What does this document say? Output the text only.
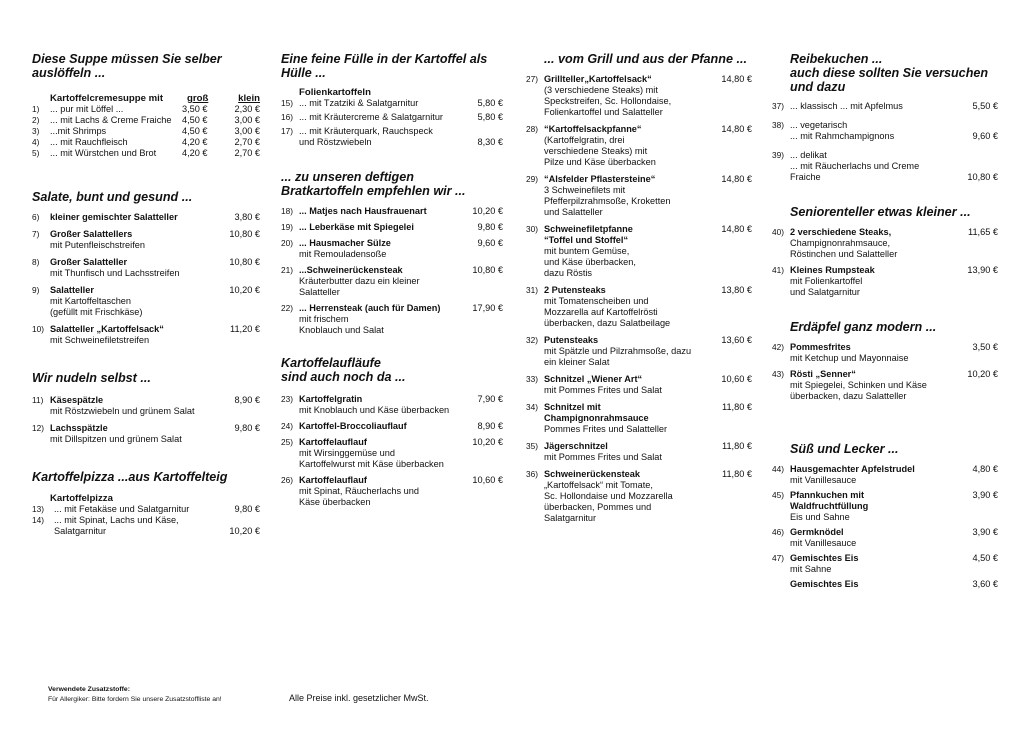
Diese Suppe müssen Sie selber
auslöffeln ...
Kartoffelcremesuppe mit groß	klein
1)	... pur mit Löffel ...	3,50 €	2,30 €
2)	... mit Lachs & Creme Fraiche	4,50 €	3,00 €
3)	...mit Shrimps	4,50 €	3,00 €
4)	... mit Rauchfleisch	4,20 €	2,70 €
5)	... mit Würstchen und Brot	4,20 €	2,70 €
Salate, bunt und gesund ...
6) kleiner gemischter Salatteller	3,80 €
7) Großer Salattellers
mit Putenfleischstreifen
10,80 €
8) Großer Salatteller
mit Thunfisch und Lachsstreifen
10,80 €
9) Salatteller
mit Kartoffeltaschen
(gefüllt mit Frischkäse)
10,20 €
10) Salatteller „Kartoffelsack“
mit Schweinefiletstreifen
11,20 €
Wir nudeln selbst ...
11) Käsespätzle
mit Röstzwiebeln und grünem Salat
8,90 €
12) Lachsspätzle
mit Dillspitzen und grünem Salat
9,80 €
Kartoffelpizza ...aus Kartoffelteig
Kartoffelpizza
13)	... mit Fetakäse und Salatgarnitur	9,80 €
14)	... mit Spinat, Lachs und Käse,
Salatgarnitur	10,20 €
Eine feine Fülle in der Kartoffel als
Hülle ...
Folienkartoffeln
15) ... mit Tzatziki & Salatgarnitur	5,80 €
16) ... mit Kräutercreme & Salatgarnitur	5,80 €
17) ... mit Kräuterquark, Rauchspeck
und Röstzwiebeln	8,30 €
... zu unseren deftigen
Bratkartoffeln empfehlen wir ...
18) ... Matjes nach Hausfrauenart	10,20 €
19) ... Leberkäse mit Spiegelei	9,80 €
20) ... Hausmacher Sülze
mit Remouladensoße
9,60 €
21) ...Schweinerückensteak
Kräuterbutter dazu ein kleiner
Salatteller
10,80 €
22) ... Herrensteak (auch für Damen)
mit frischem
Knoblauch und Salat
17,90 €
Kartoffelaufläufe
sind auch noch da ...
23) Kartoffelgratin
mit Knoblauch und Käse überbacken
7,90 €
24) Kartoffel-Broccoliauflauf	8,90 €
25) Kartoffelauflauf
mit Wirsinggemüse und
Kartoffelwurst mit Käse überbacken
10,20 €
26) Kartoffelauflauf
mit Spinat, Räucherlachs und
Käse überbacken
10,60 €
... vom Grill und aus der Pfanne ...
27) Grillteller„Kartoffelsack“
(3 verschiedene Steaks) mit
Speckstreifen, Sc. Hollondaise,
Folienkartoffel und Salatteller
14,80 €
28) “Kartoffelsackpfanne“
(Kartoffelgratin, drei
verschiedene Steaks) mit
Pilze und Käse überbacken
14,80 €
29) “Alsfelder Pflastersteine“
3 Schweinefilets mit
Pfefferpilzrahmsoße, Kroketten
und Salatteller
14,80 €
30) Schweinefiletpfanne
“Toffel und Stoffel“
mit buntem Gemüse,
und Käse überbacken,
dazu Röstis
14,80 €
31) 2 Putensteaks
mit Tomatenscheiben und
Mozzarella auf Kartoffelrösti
überbacken, dazu Salatbeilage
13,80 €
32) Putensteaks
mit Spätzle und Pilzrahmsoße, dazu
ein kleiner Salat
13,60 €
33) Schnitzel „Wiener Art“
mit Pommes Frites und Salat
10,60 €
34) Schnitzel mit
Champignonrahmsauce
Pommes Frites und Salatteller
11,80 €
35) Jägerschnitzel
mit Pommes Frites und Salat
11,80 €
36) Schweinerückensteak
„Kartoffelsack“ mit Tomate,
Sc. Hollondaise und Mozzarella
überbacken, Pommes und Salatgarnitur
11,80 €
Reibekuchen ...
auch diese sollten Sie versuchen
und dazu
37) ... klassisch ... mit Apfelmus	5,50 €
38) ... vegetarisch
... mit Rahmchampignons	9,60 €
39) ... delikat
... mit Räucherlachs und Creme Fraiche	10,80 €
Seniorenteller etwas kleiner ...
40) 2 verschiedene Steaks,
Champignonrahmsauce,
Röstinchen und Salatteller
11,65 €
41) Kleines Rumpsteak
mit Folienkartoffel
und Salatgarnitur
13,90 €
Erdäpfel ganz modern ...
42) Pommesfrites
mit Ketchup und Mayonnaise
3,50 €
43) Rösti „Senner“
mit Spiegelei, Schinken und Käse
überbacken, dazu Salatteller
10,20 €
Süß und Lecker ...
44) Hausgemachter Apfelstrudel
mit Vanillesauce
4,80 €
45) Pfannkuchen mit
Waldfruchtfüllung
Eis und Sahne
3,90 €
46) Germknödel
mit Vanillesauce
3,90 €
47) Gemischtes Eis
mit Sahne
4,50 €
Gemischtes Eis	3,60 €
Verwendete Zusatzstoffe:
Für Allergiker: Bitte fordern Sie unsere Zusatzstoffliste an!	Alle Preise inkl. gesetzlicher MwSt.
